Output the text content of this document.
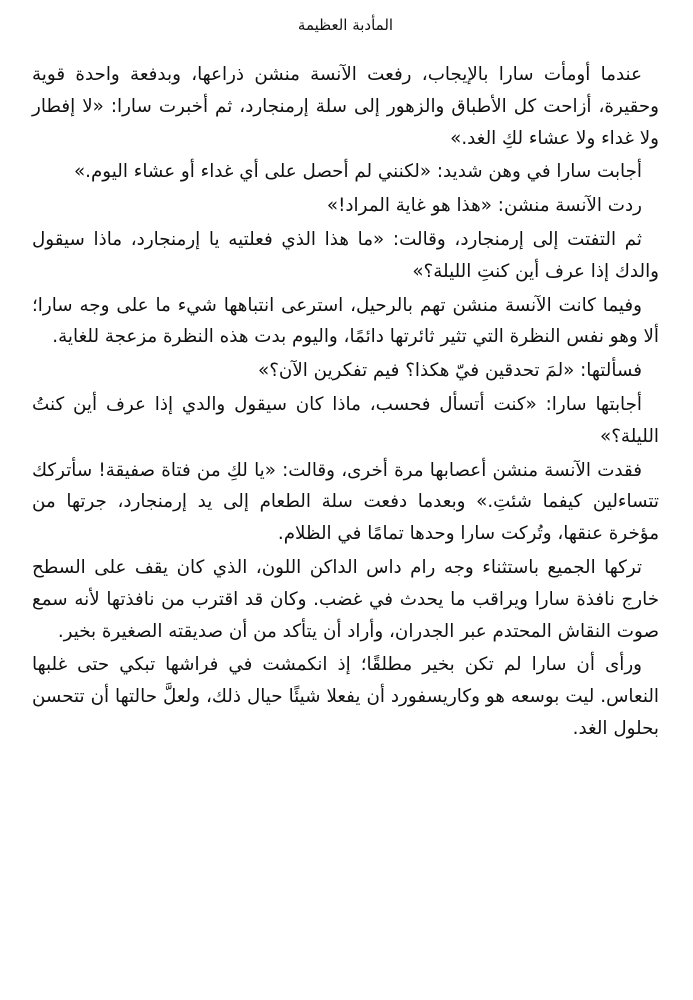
المأدبة العظيمة

عندما أومأت سارا بالإيجاب، رفعت الآنسة منشن ذراعها، وبدفعة واحدة قوية وحقيرة، أزاحت كل الأطباق والزهور إلى سلة إرمنجارد، ثم أخبرت سارا: «لا إفطار ولا غداء ولا عشاء لكِ الغد.»

أجابت سارا في وهن شديد: «لكنني لم أحصل على أي غداء أو عشاء اليوم.»

ردت الآنسة منشن: «هذا هو غاية المراد!»

ثم التفتت إلى إرمنجارد، وقالت: «ما هذا الذي فعلتيه يا إرمنجارد، ماذا سيقول والدك إذا عرف أين كنتِ الليلة؟»

وفيما كانت الآنسة منشن تهم بالرحيل، استرعى انتباهها شيء ما على وجه سارا؛ ألا وهو نفس النظرة التي تثير ثائرتها دائمًا، واليوم بدت هذه النظرة مزعجة للغاية.

فسألتها: «لمَ تحدقين فيّ هكذا؟ فيم تفكرين الآن؟»

أجابتها سارا: «كنت أتسأل فحسب، ماذا كان سيقول والدي إذا عرف أين كنتُ الليلة؟»

فقدت الآنسة منشن أعصابها مرة أخرى، وقالت: «يا لكِ من فتاة صفيقة! سأتركك تتساءلين كيفما شئتِ.» وبعدما دفعت سلة الطعام إلى يد إرمنجارد، جرتها من مؤخرة عنقها، وتُركت سارا وحدها تمامًا في الظلام.

تركها الجميع باستثناء وجه رام داس الداكن اللون، الذي كان يقف على السطح خارج نافذة سارا ويراقب ما يحدث في غضب. وكان قد اقترب من نافذتها لأنه سمع صوت النقاش المحتدم عبر الجدران، وأراد أن يتأكد من أن صديقته الصغيرة بخير.

ورأى أن سارا لم تكن بخير مطلقًا؛ إذ انكمشت في فراشها تبكي حتى غلبها النعاس. ليت بوسعه هو وكاريسفورد أن يفعلا شيئًا حيال ذلك، ولعلَّ حالتها أن تتحسن بحلول الغد.
